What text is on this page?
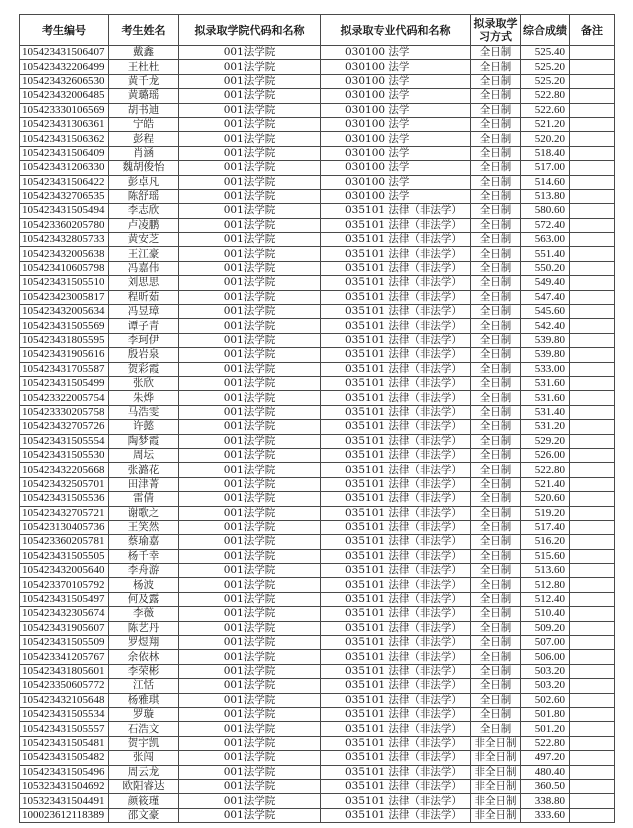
考生编号	考生姓名	拟录取学院代码和名称	拟录取专业代码和名称	拟录取学习方式	综合成绩	备注
105423431506407	戴鑫	001法学院	030100 法学	全日制	525.40	
105423432206499	王杜杜	001法学院	030100 法学	全日制	525.20	
105423432606530	黄千龙	001法学院	030100 法学	全日制	525.20	
105423432006485	黄璐瑶	001法学院	030100 法学	全日制	522.80	
105423330106569	胡书迪	001法学院	030100 法学	全日制	522.60	
105423431306361	宁皓	001法学院	030100 法学	全日制	521.20	
105423431506362	彭程	001法学院	030100 法学	全日制	520.20	
105423431506409	肖涵	001法学院	030100 法学	全日制	518.40	
105423431206330	魏胡俊怡	001法学院	030100 法学	全日制	517.00	
105423431506422	彭卓凡	001法学院	030100 法学	全日制	514.60	
105423432706535	陈舒瑶	001法学院	030100 法学	全日制	513.80	
105423431505494	李志欣	001法学院	035101 法律（非法学）	全日制	580.60	
105423360205780	卢凌鹏	001法学院	035101 法律（非法学）	全日制	572.40	
105423432805733	黄安芝	001法学院	035101 法律（非法学）	全日制	563.00	
105423432005638	王江豪	001法学院	035101 法律（非法学）	全日制	551.40	
105423410605798	冯嘉伟	001法学院	035101 法律（非法学）	全日制	550.20	
105423431505510	刘思思	001法学院	035101 法律（非法学）	全日制	549.40	
105423423005817	程昕茹	001法学院	035101 法律（非法学）	全日制	547.40	
105423432005634	冯昱璋	001法学院	035101 法律（非法学）	全日制	545.60	
105423431505569	谭子青	001法学院	035101 法律（非法学）	全日制	542.40	
105423431805595	李珂伊	001法学院	035101 法律（非法学）	全日制	539.80	
105423431905616	殷岩泉	001法学院	035101 法律（非法学）	全日制	539.80	
105423431705587	贺彩霞	001法学院	035101 法律（非法学）	全日制	533.00	
105423431505499	张欣	001法学院	035101 法律（非法学）	全日制	531.60	
105423322005754	朱烨	001法学院	035101 法律（非法学）	全日制	531.60	
105423330205758	马浩雯	001法学院	035101 法律（非法学）	全日制	531.40	
105423432705726	许懿	001法学院	035101 法律（非法学）	全日制	531.20	
105423431505554	陶梦霞	001法学院	035101 法律（非法学）	全日制	529.20	
105423431505530	周坛	001法学院	035101 法律（非法学）	全日制	526.00	
105423432205668	张潞花	001法学院	035101 法律（非法学）	全日制	522.80	
105423432505701	田津菁	001法学院	035101 法律（非法学）	全日制	521.40	
105423431505536	雷倩	001法学院	035101 法律（非法学）	全日制	520.60	
105423432705721	谢歌之	001法学院	035101 法律（非法学）	全日制	519.20	
105423130405736	王笑然	001法学院	035101 法律（非法学）	全日制	517.40	
105423360205781	蔡瑜嘉	001法学院	035101 法律（非法学）	全日制	516.20	
105423431505505	杨千幸	001法学院	035101 法律（非法学）	全日制	515.60	
105423432005640	李舟游	001法学院	035101 法律（非法学）	全日制	513.60	
105423370105792	杨波	001法学院	035101 法律（非法学）	全日制	512.80	
105423431505497	何及露	001法学院	035101 法律（非法学）	全日制	512.40	
105423432305674	李薇	001法学院	035101 法律（非法学）	全日制	510.40	
105423431905607	陈艺丹	001法学院	035101 法律（非法学）	全日制	509.20	
105423431505509	罗煜翔	001法学院	035101 法律（非法学）	全日制	507.00	
105423341205767	余依林	001法学院	035101 法律（非法学）	全日制	506.00	
105423431805601	李荣彬	001法学院	035101 法律（非法学）	全日制	503.20	
105423350605772	江恬	001法学院	035101 法律（非法学）	全日制	503.20	
105423432105648	杨雅琪	001法学院	035101 法律（非法学）	全日制	502.60	
105423431505534	罗璇	001法学院	035101 法律（非法学）	全日制	501.80	
105423431505557	石浩文	001法学院	035101 法律（非法学）	全日制	501.20	
105423431505481	贺宇凯	001法学院	035101 法律（非法学）	非全日制	522.80	
105423431505482	张闯	001法学院	035101 法律（非法学）	非全日制	497.20	
105423431505496	周云龙	001法学院	035101 法律（非法学）	非全日制	480.40	
105323431504692	欧阳睿达	001法学院	035101 法律（非法学）	非全日制	360.50	
105323431504491	颜筱瑾	001法学院	035101 法律（非法学）	非全日制	338.80	
100023612118389	邵文豪	001法学院	035101 法律（非法学）	非全日制	333.60	
